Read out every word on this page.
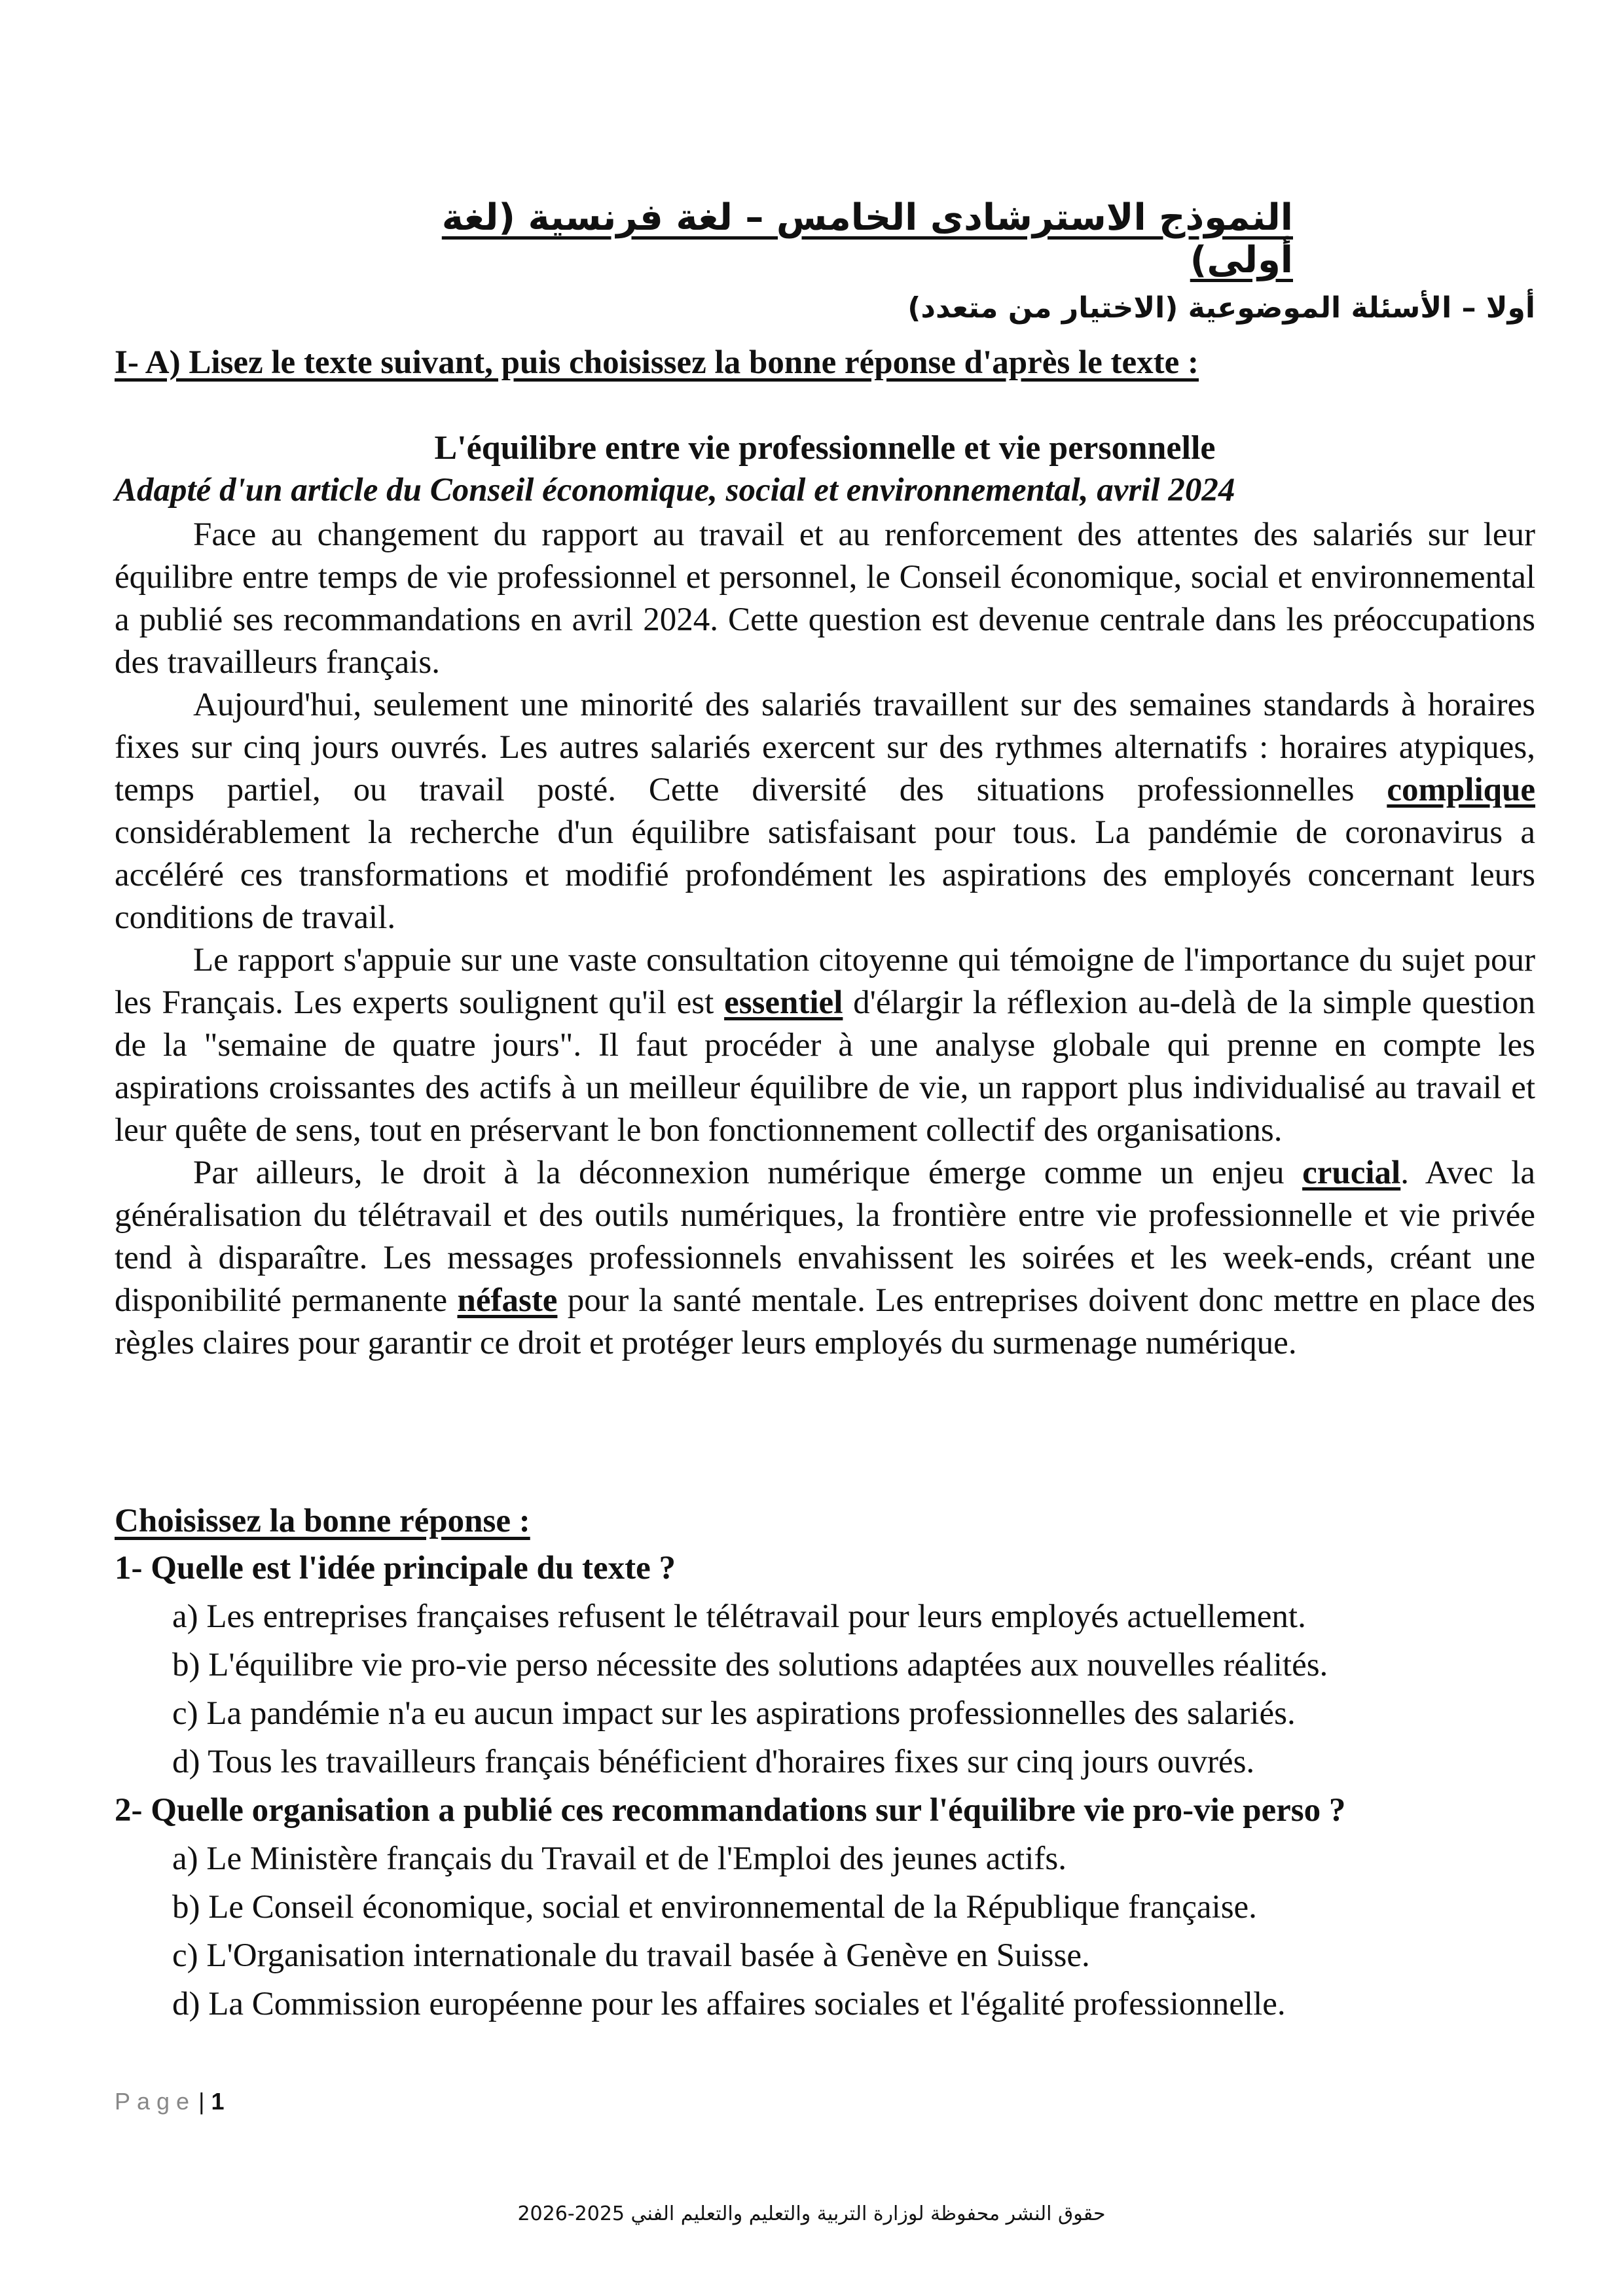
النموذج الاسترشادى الخامس – لغة فرنسية (لغة أولى)
أولا – الأسئلة الموضوعية (الاختيار من متعدد)
I- A) Lisez le texte suivant, puis choisissez la bonne réponse d'après le texte :
L'équilibre entre vie professionnelle et vie personnelle
Adapté d'un article du Conseil économique, social et environnemental, avril 2024

Face au changement du rapport au travail et au renforcement des attentes des salariés sur leur équilibre entre temps de vie professionnel et personnel, le Conseil économique, social et environnemental a publié ses recommandations en avril 2024. Cette question est devenue centrale dans les préoccupations des travailleurs français.

Aujourd'hui, seulement une minorité des salariés travaillent sur des semaines standards à horaires fixes sur cinq jours ouvrés. Les autres salariés exercent sur des rythmes alternatifs : horaires atypiques, temps partiel, ou travail posté. Cette diversité des situations professionnelles complique considérablement la recherche d'un équilibre satisfaisant pour tous. La pandémie de coronavirus a accéléré ces transformations et modifié profondément les aspirations des employés concernant leurs conditions de travail.

Le rapport s'appuie sur une vaste consultation citoyenne qui témoigne de l'importance du sujet pour les Français. Les experts soulignent qu'il est essentiel d'élargir la réflexion au-delà de la simple question de la "semaine de quatre jours". Il faut procéder à une analyse globale qui prenne en compte les aspirations croissantes des actifs à un meilleur équilibre de vie, un rapport plus individualisé au travail et leur quête de sens, tout en préservant le bon fonctionnement collectif des organisations.

Par ailleurs, le droit à la déconnexion numérique émerge comme un enjeu crucial. Avec la généralisation du télétravail et des outils numériques, la frontière entre vie professionnelle et vie privée tend à disparaître. Les messages professionnels envahissent les soirées et les week-ends, créant une disponibilité permanente néfaste pour la santé mentale. Les entreprises doivent donc mettre en place des règles claires pour garantir ce droit et protéger leurs employés du surmenage numérique.

Choisissez la bonne réponse :
1- Quelle est l'idée principale du texte ?
a) Les entreprises françaises refusent le télétravail pour leurs employés actuellement.
b) L'équilibre vie pro-vie perso nécessite des solutions adaptées aux nouvelles réalités.
c) La pandémie n'a eu aucun impact sur les aspirations professionnelles des salariés.
d) Tous les travailleurs français bénéficient d'horaires fixes sur cinq jours ouvrés.
2- Quelle organisation a publié ces recommandations sur l'équilibre vie pro-vie perso ?
a) Le Ministère français du Travail et de l'Emploi des jeunes actifs.
b) Le Conseil économique, social et environnemental de la République française.
c) L'Organisation internationale du travail basée à Genève en Suisse.
d) La Commission européenne pour les affaires sociales et l'égalité professionnelle.
Page | 1
حقوق النشر محفوظة لوزارة التربية والتعليم والتعليم الفني 2025-2026
